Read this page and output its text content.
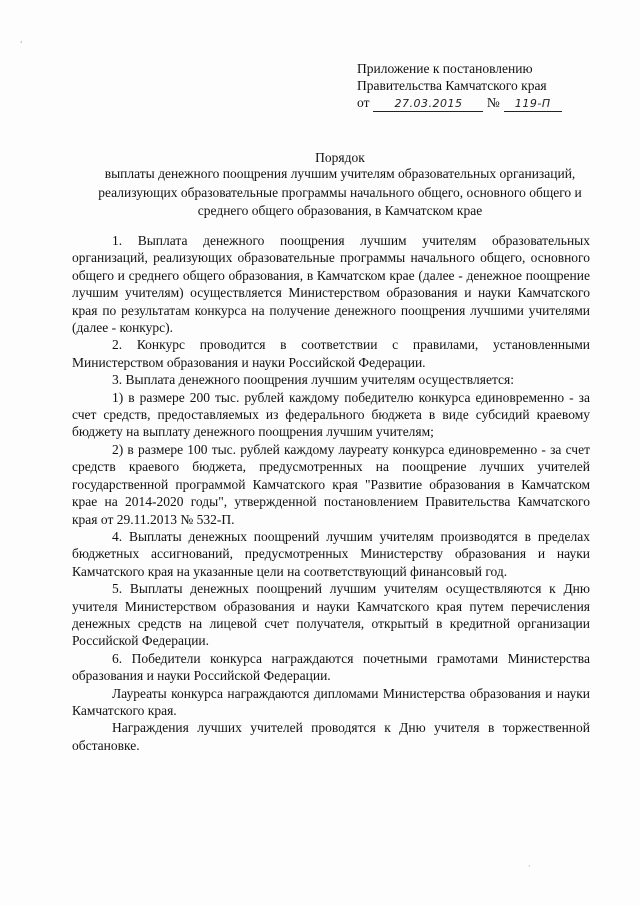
ʻ
·
Приложение к постановлению
Правительства Камчатского края
от 27.03.2015 № 119-П
Порядок
выплаты денежного поощрения лучшим учителям образовательных организаций, реализующих образовательные программы начального общего, основного общего и среднего общего образования, в Камчатском крае

1. Выплата денежного поощрения лучшим учителям образовательных организаций, реализующих образовательные программы начального общего, основного общего и среднего общего образования, в Камчатском крае (далее - денежное поощрение лучшим учителям) осуществляется Министерством образования и науки Камчатского края по результатам конкурса на получение денежного поощрения лучшими учителями (далее - конкурс).

2. Конкурс проводится в соответствии с правилами, установленными Министерством образования и науки Российской Федерации.

3. Выплата денежного поощрения лучшим учителям осуществляется:

1) в размере 200 тыс. рублей каждому победителю конкурса единовременно - за счет средств, предоставляемых из федерального бюджета в виде субсидий краевому бюджету на выплату денежного поощрения лучшим учителям;

2) в размере 100 тыс. рублей каждому лауреату конкурса единовременно - за счет средств краевого бюджета, предусмотренных на поощрение лучших учителей государственной программой Камчатского края "Развитие образования в Камчатском крае на 2014-2020 годы", утвержденной постановлением Правительства Камчатского края от 29.11.2013 № 532-П.

4. Выплаты денежных поощрений лучшим учителям производятся в пределах бюджетных ассигнований, предусмотренных Министерству образования и науки Камчатского края на указанные цели на соответствующий финансовый год.

5. Выплаты денежных поощрений лучшим учителям осуществляются к Дню учителя Министерством образования и науки Камчатского края путем перечисления денежных средств на лицевой счет получателя, открытый в кредитной организации Российской Федерации.

6. Победители конкурса награждаются почетными грамотами Министерства образования и науки Российской Федерации.

Лауреаты конкурса награждаются дипломами Министерства образования и науки Камчатского края.

Награждения лучших учителей проводятся к Дню учителя в торжественной обстановке.
